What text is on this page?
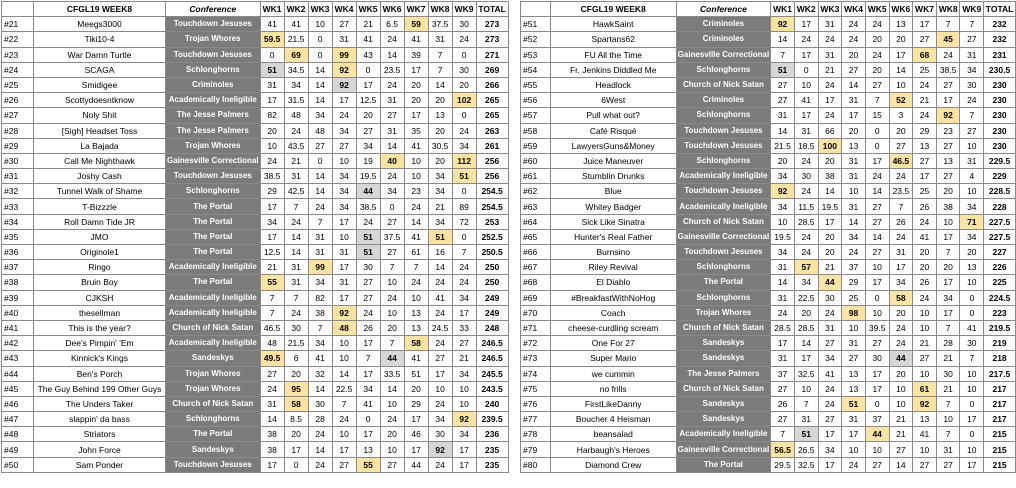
	CFGL19 WEEK8	Conference	WK1	WK2	WK3	WK4	WK5	WK6	WK7	WK8	WK9	TOTAL
#21	Meegs3000	Touchdown Jesuses	41	41	10	27	21	6.5	59	37.5	30	273
#22	Tiki10-4	Trojan Whores	59.5	21.5	0	31	41	24	41	31	24	273
#23	War Damn Turtle	Touchdown Jesuses	0	69	0	99	43	14	39	7	0	271
#24	SCAGA	Schlonghorns	51	34.5	14	92	0	23.5	17	7	30	269
#25	Smidigee	Criminoles	31	34	14	92	17	24	20	14	20	266
#26	Scottydoesntknow	Academically Ineligible	17	31.5	14	17	12.5	31	20	20	102	265
#27	Noly Shit	The Jesse Palmers	82	48	34	24	20	27	17	13	0	265
#28	[Sigh] Headset Toss	The Jesse Palmers	20	24	48	34	27	31	35	20	24	263
#29	La Bajada	Trojan Whores	10	43.5	27	27	34	14	41	30.5	34	261
#30	Call Me Nighthawk	Gainesville Correctional	24	21	0	10	19	40	10	20	112	256
#31	Joshy Cash	Touchdown Jesuses	38.5	31	14	34	19.5	24	10	34	51	256
#32	Tunnel Walk of Shame	Schlonghorns	29	42.5	14	34	44	34	23	34	0	254.5
#33	T-Bizzzle	The Portal	17	7	24	34	38.5	0	24	21	89	254.5
#34	Roll Damn Tide JR	The Portal	34	24	7	17	24	27	14	34	72	253
#35	JMO	The Portal	17	14	31	10	51	37.5	41	51	0	252.5
#36	Originole1	The Portal	12.5	14	31	31	51	27	61	16	7	250.5
#37	Ringo	Academically Ineligible	21	31	99	17	30	7	7	14	24	250
#38	Bruin Boy	The Portal	55	31	34	31	27	10	24	24	24	250
#39	CJKSH	Academically Ineligible	7	7	82	17	27	24	10	41	34	249
#40	thesellman	Academically Ineligible	7	24	38	92	24	10	13	24	17	249
#41	This is the year?	Church of Nick Satan	46.5	30	7	48	26	20	13	24.5	33	248
#42	Dee's Pimpin' 'Em	Academically Ineligible	48	21.5	34	10	17	7	58	24	27	246.5
#43	Kinnick's Kings	Sandeskys	49.5	6	41	10	7	44	41	27	21	246.5
#44	Ben's Porch	Trojan Whores	27	20	32	14	17	33.5	51	17	34	245.5
#45	The Guy Behind 199 Other Guys	Trojan Whores	24	95	14	22.5	34	14	20	10	10	243.5
#46	The Unders Taker	Church of Nick Satan	31	58	30	7	41	10	29	24	10	240
#47	slappin' da bass	Schlonghorns	14	8.5	28	24	0	24	17	34	92	239.5
#48	Striators	The Portal	38	20	24	10	17	20	46	30	34	236
#49	John Force	Sandeskys	38	17	14	17	13	10	17	92	17	235
#50	Sam Ponder	Touchdown Jesuses	17	0	24	27	55	27	44	24	17	235
	CFGL19 WEEK8	Conference	WK1	WK2	WK3	WK4	WK5	WK6	WK7	WK8	WK9	TOTAL
#51	HawkSaint	Criminoles	92	17	31	24	24	13	17	7	7	232
#52	Spartans62	Criminoles	14	24	24	24	20	20	27	45	27	232
#53	FU All the Time	Gainesville Correctional	7	17	31	20	24	17	68	24	31	231
#54	Fr. Jenkins Diddled Me	Schlonghorns	51	0	21	27	20	14	25	38.5	34	230.5
#55	Headlock	Church of Nick Satan	27	10	24	14	27	10	24	27	30	230
#56	6West	Criminoles	27	41	17	31	7	52	21	17	24	230
#57	Pull what out?	Schlonghorns	31	17	24	17	15	3	24	92	7	230
#58	Café Risqué	Touchdown Jesuses	14	31	66	20	0	20	29	23	27	230
#59	LawyersGuns&Money	Touchdown Jesuses	21.5	18.5	100	13	0	27	13	27	10	230
#60	Juice Maneuver	Schlonghorns	20	24	20	31	17	46.5	27	13	31	229.5
#61	Stumblin Drunks	Academically Ineligible	34	30	38	31	24	24	17	27	4	229
#62	Blue	Touchdown Jesuses	92	24	14	10	14	23.5	25	20	10	228.5
#63	Whitey Badger	Academically Ineligible	34	11.5	19.5	31	27	7	26	38	34	228
#64	Sick Like Sinatra	Church of Nick Satan	10	28.5	17	14	27	26	24	10	71	227.5
#65	Hunter's Real Father	Gainesville Correctional	19.5	24	20	34	14	24	41	17	34	227.5
#66	Burnsino	Touchdown Jesuses	34	24	20	24	27	31	20	7	20	227
#67	Riley Revival	Schlonghorns	31	57	21	37	10	17	20	20	13	226
#68	El Diablo	The Portal	14	34	44	29	17	34	26	17	10	225
#69	#BreakfastWithNoHog	Schlonghorns	31	22.5	30	25	0	58	24	34	0	224.5
#70	Coach	Trojan Whores	24	20	24	98	10	20	10	17	0	223
#71	cheese-curdling scream	Church of Nick Satan	28.5	28.5	31	10	39.5	24	10	7	41	219.5
#72	One For 27	Sandeskys	17	14	27	31	27	24	21	28	30	219
#73	Super Mario	Sandeskys	31	17	34	27	30	44	27	21	7	218
#74	we cummin	The Jesse Palmers	37	32.5	41	13	17	20	10	30	10	217.5
#75	no frills	Church of Nick Satan	27	10	24	13	17	10	61	21	10	217
#76	FirstLikeDanny	Sandeskys	26	7	24	51	0	10	92	7	0	217
#77	Boucher 4 Heisman	Sandeskys	27	31	27	31	37	21	13	10	17	217
#78	beansalad	Academically Ineligible	7	51	17	17	44	21	41	7	0	215
#79	Harbaugh's Heroes	Gainesville Correctional	56.5	26.5	34	10	10	27	10	31	10	215
#80	Diamond Crew	The Portal	29.5	32.5	17	24	27	14	27	27	17	215
